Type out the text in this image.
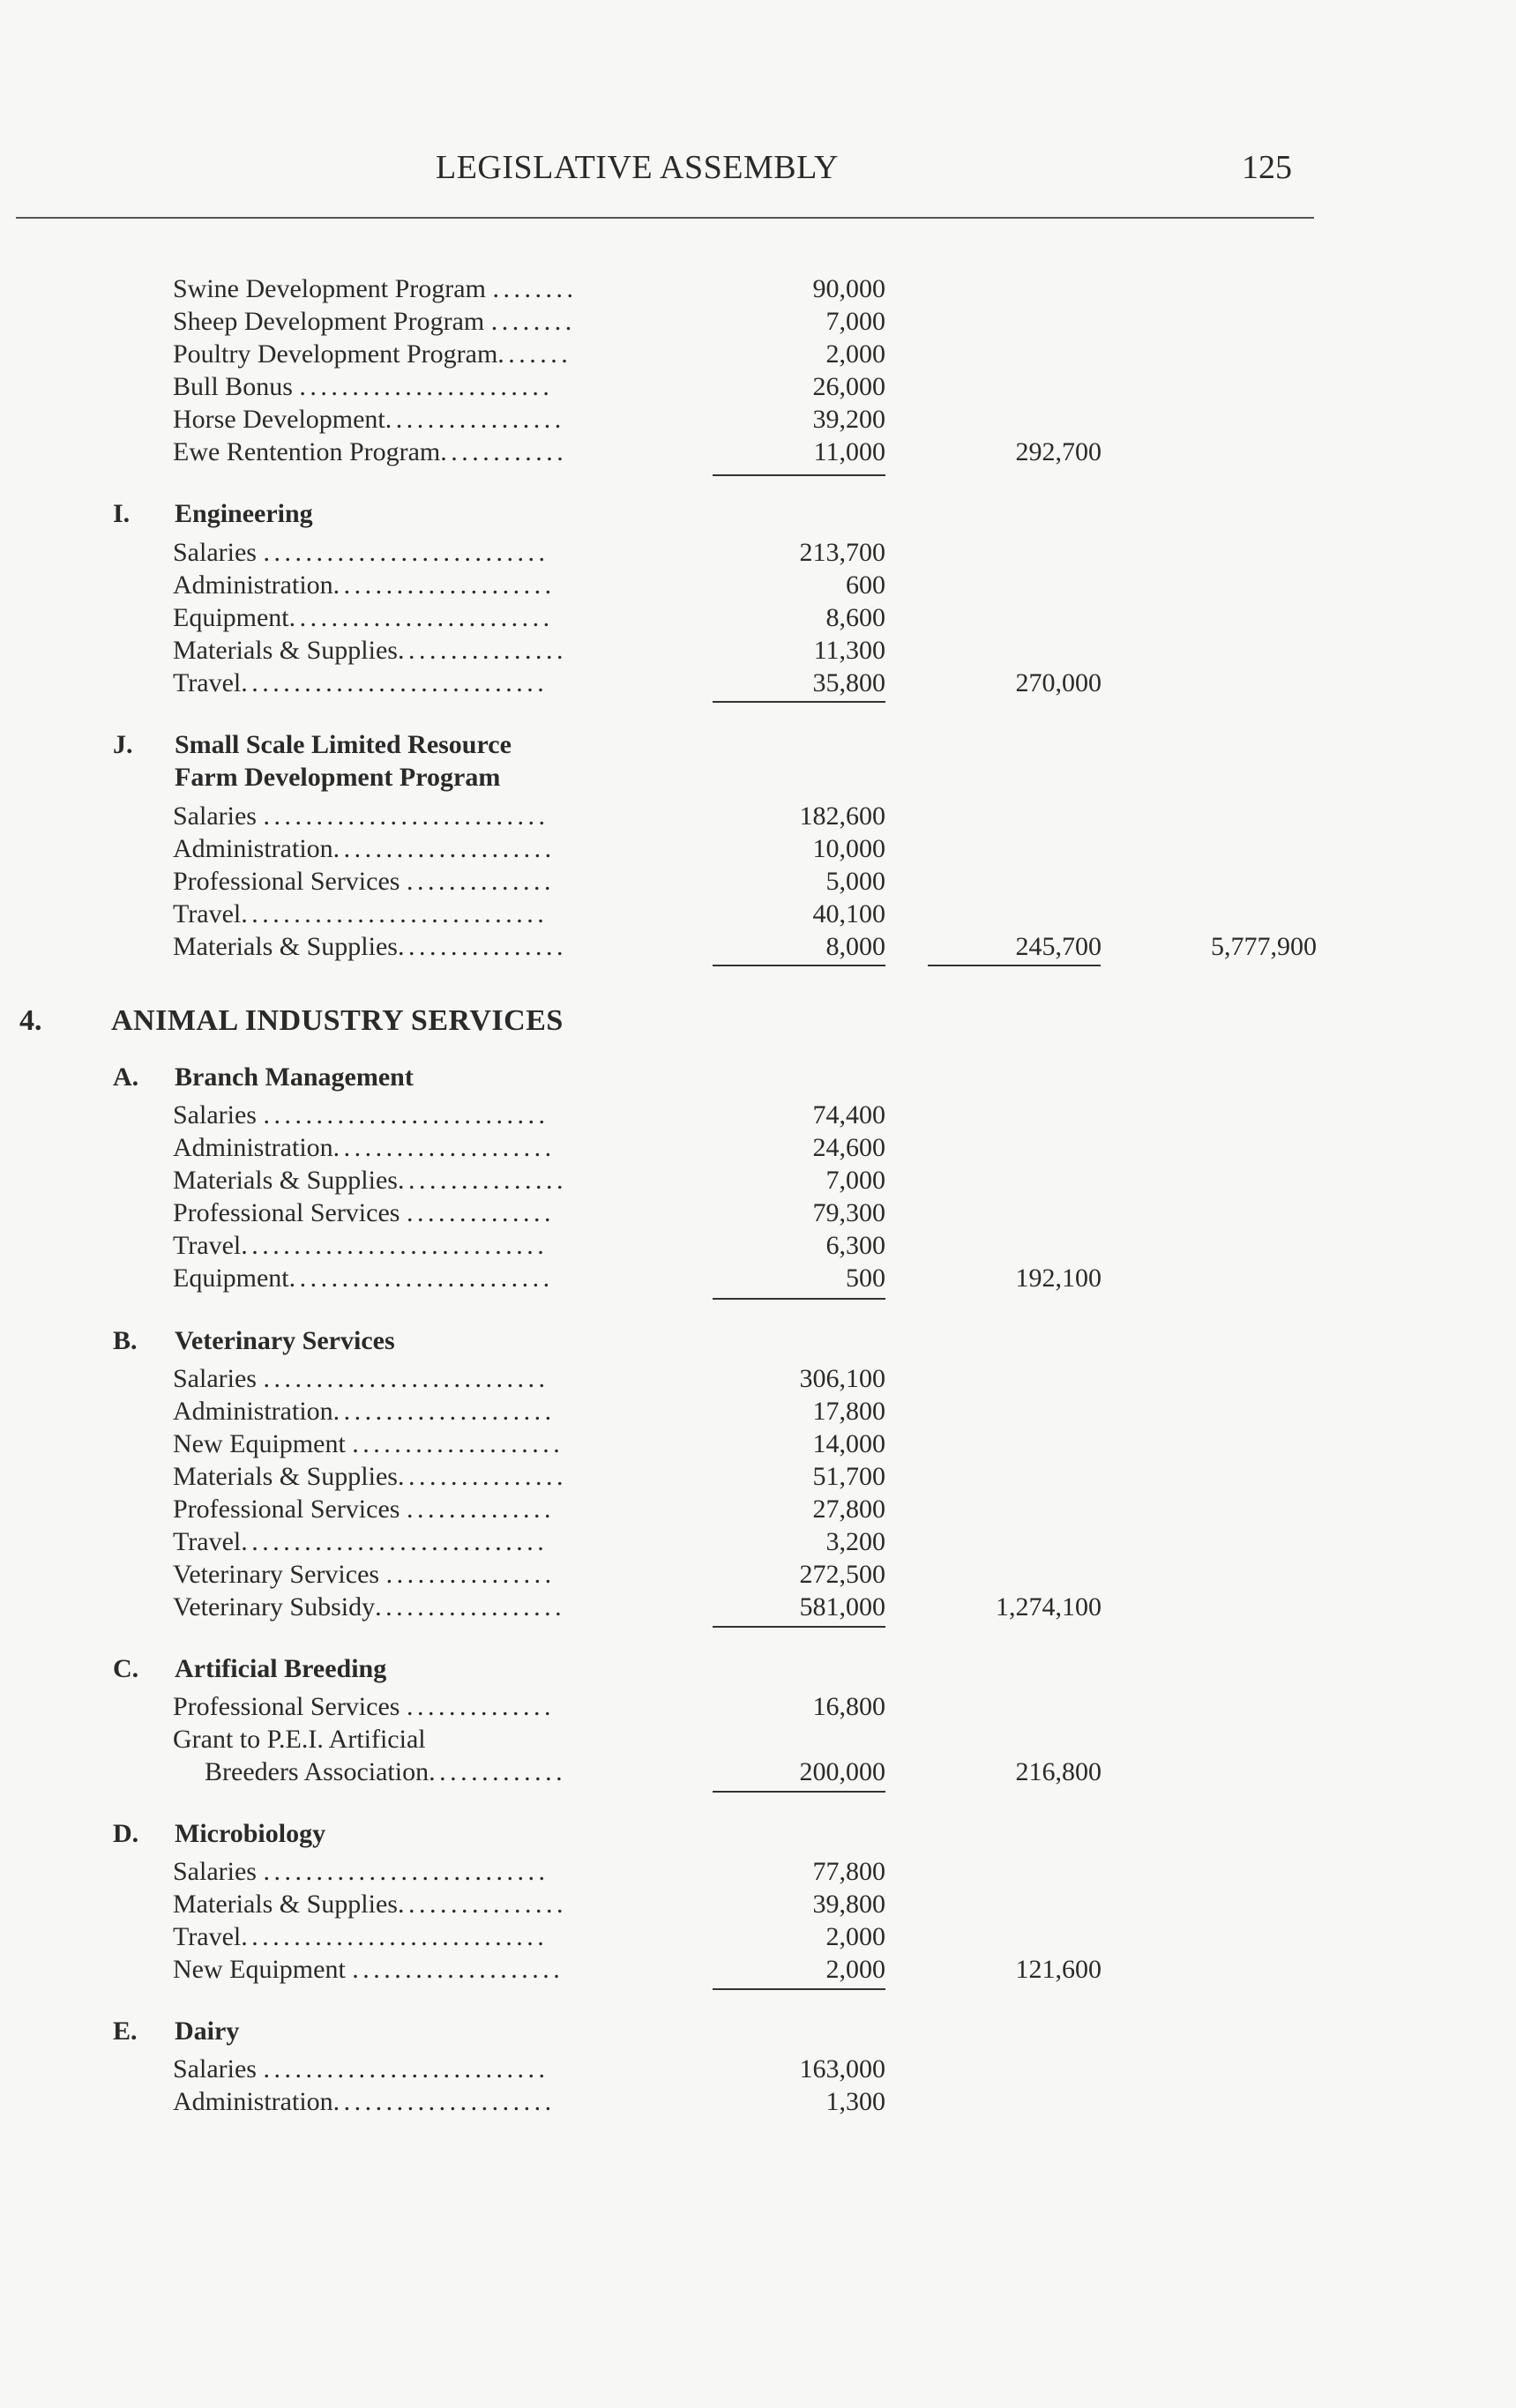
LEGISLATIVE ASSEMBLY	125
Swine Development Program ........	90,000
Sheep Development Program ........	7,000
Poultry Development Program.......	2,000
Bull Bonus ........................	26,000
Horse Development.................	39,200
Ewe Rentention Program............	11,000	292,700
I. Engineering
Salaries ...........................	213,700
Administration.....................	600
Equipment.........................	8,600
Materials & Supplies................	11,300
Travel.............................	35,800	270,000
J. Small Scale Limited Resource
Farm Development Program
Salaries ...........................	182,600
Administration.....................	10,000
Professional Services ..............	5,000
Travel.............................	40,100
Materials & Supplies................	8,000	245,700	5,777,900
4. ANIMAL INDUSTRY SERVICES
A. Branch Management
Salaries ...........................	74,400
Administration.....................	24,600
Materials & Supplies................	7,000
Professional Services ..............	79,300
Travel.............................	6,300
Equipment.........................	500	192,100
B. Veterinary Services
Salaries ...........................	306,100
Administration.....................	17,800
New Equipment ....................	14,000
Materials & Supplies................	51,700
Professional Services ..............	27,800
Travel.............................	3,200
Veterinary Services ................	272,500
Veterinary Subsidy..................	581,000	1,274,100
C. Artificial Breeding
Professional Services ..............	16,800
Grant to P.E.I. Artificial
Breeders Association.............	200,000	216,800
D. Microbiology
Salaries ...........................	77,800
Materials & Supplies................	39,800
Travel.............................	2,000
New Equipment ....................	2,000	121,600
E. Dairy
Salaries ...........................	163,000
Administration.....................	1,300
